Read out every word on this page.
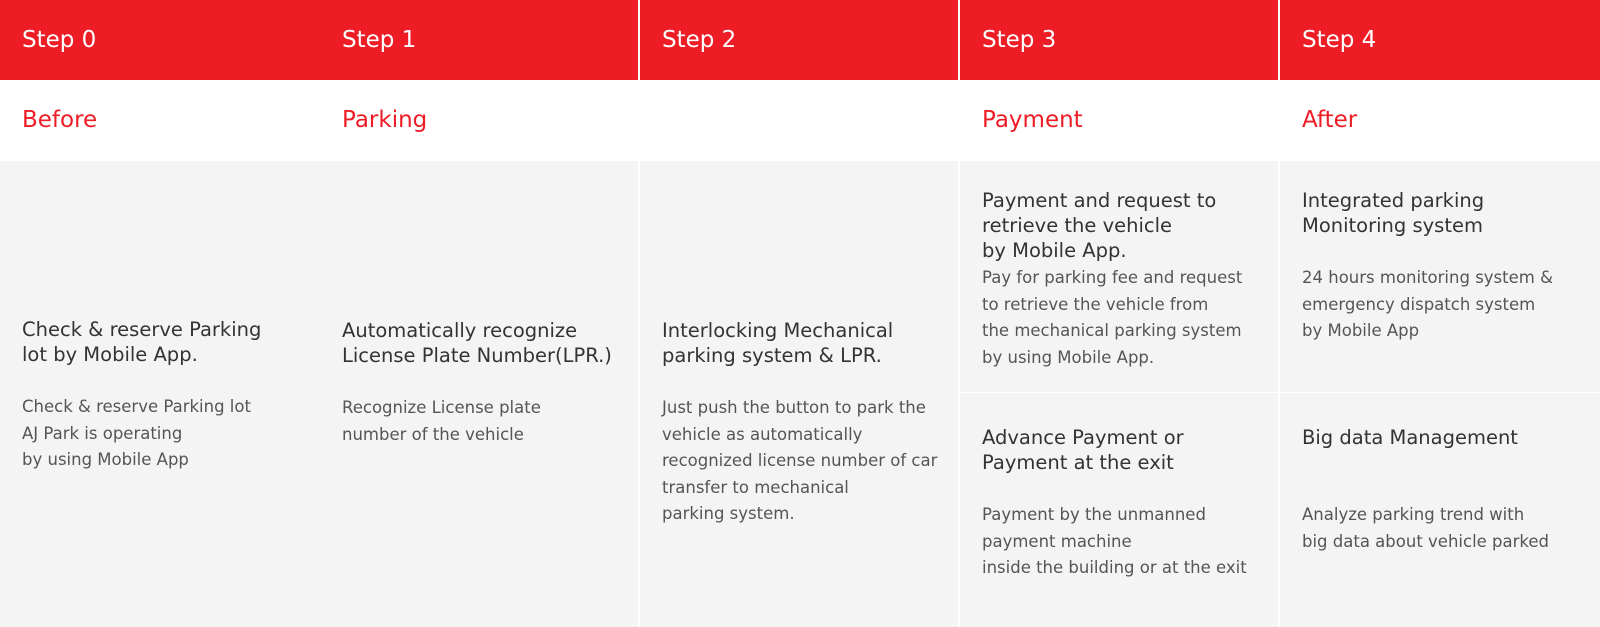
Step 0
Before
Check & reserve Parking
lot by Mobile App.
Check & reserve Parking lot
AJ Park is operating
by using Mobile App
Step 1
Parking
Automatically recognize
License Plate Number(LPR.)
Recognize License plate
number of the vehicle
Step 2
Interlocking Mechanical
parking system & LPR.
Just push the button to park the
vehicle as automatically
recognized license number of car
transfer to mechanical
parking system.
Step 3
Payment
Payment and request to
retrieve the vehicle
by Mobile App.
Pay for parking fee and request
to retrieve the vehicle from
the mechanical parking system
by using Mobile App.
Advance Payment or
Payment at the exit
Payment by the unmanned
payment machine
inside the building or at the exit
Step 4
After
Integrated parking
Monitoring system
24 hours monitoring system &
emergency dispatch system
by Mobile App
Big data Management
Analyze parking trend with
big data about vehicle parked
